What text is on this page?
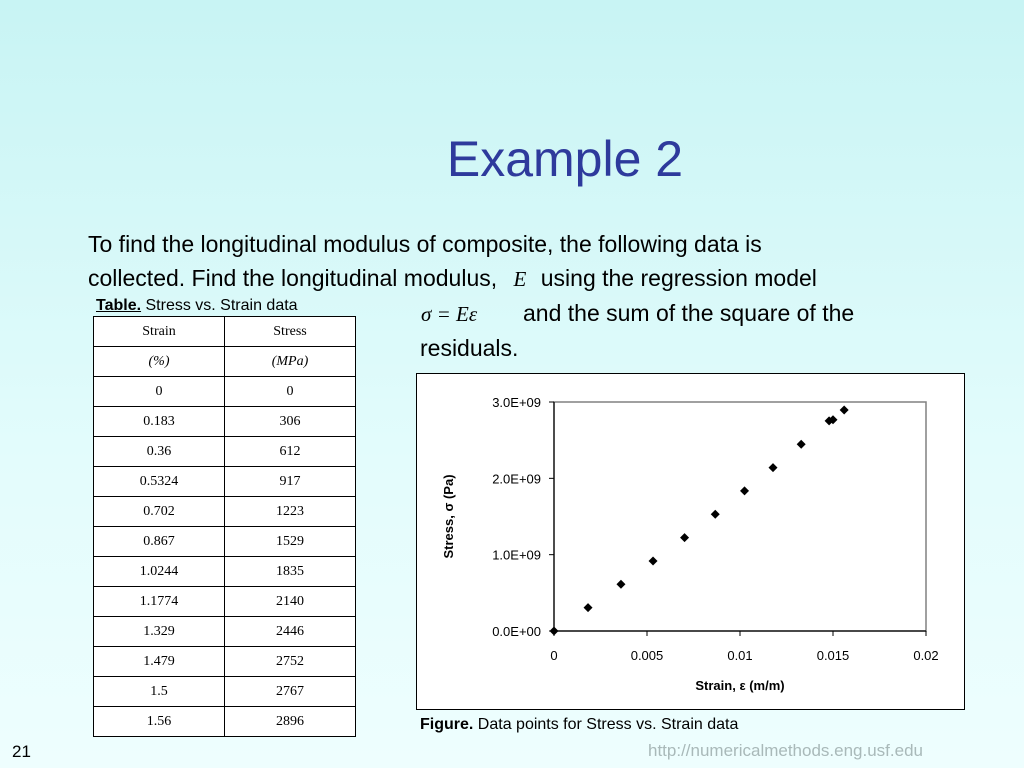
Example 2
To find the longitudinal modulus of composite, the following data is
collected. Find the longitudinal modulus, E using the regression model
σ = Eε and the sum of the square of the
residuals.
Table. Stress vs. Strain data
Strain	Stress
(%)	(MPa)
0	0
0.183	306
0.36	612
0.5324	917
0.702	1223
0.867	1529
1.0244	1835
1.1774	2140
1.329	2446
1.479	2752
1.5	2767
1.56	2896
0.0E+00
1.0E+09
2.0E+09
3.0E+09
0	0.005	0.01	0.015	0.02
Strain, ε (m/m)
Stress, σ (Pa)
Figure. Data points for Stress vs. Strain data
21	http://numericalmethods.eng.usf.edu
